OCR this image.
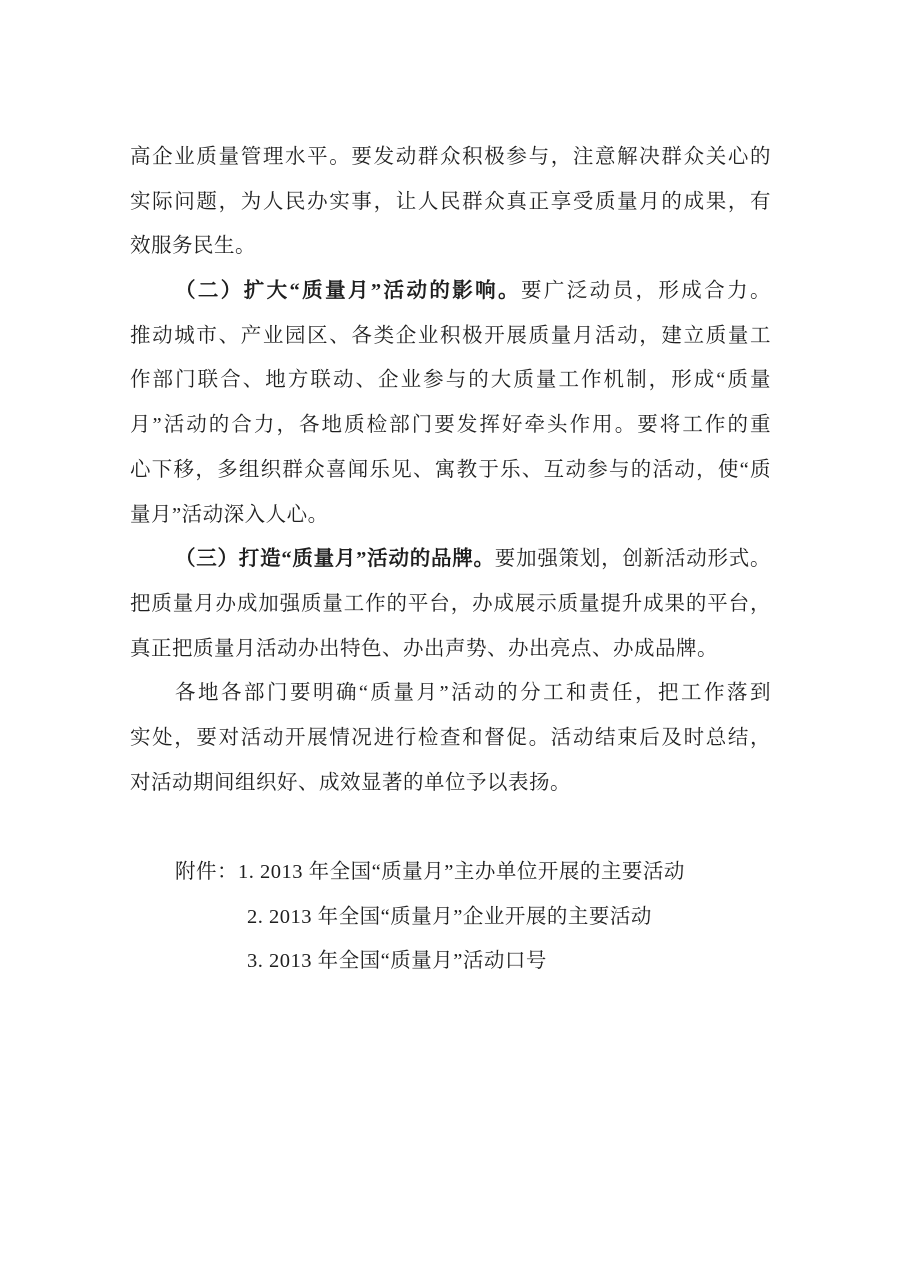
高企业质量管理水平。要发动群众积极参与，注意解决群众关心的
实际问题，为人民办实事，让人民群众真正享受质量月的成果，有
效服务民生。
（二）扩大“质量月”活动的影响。要广泛动员，形成合力。
推动城市、产业园区、各类企业积极开展质量月活动，建立质量工
作部门联合、地方联动、企业参与的大质量工作机制，形成“质量
月”活动的合力，各地质检部门要发挥好牵头作用。要将工作的重
心下移，多组织群众喜闻乐见、寓教于乐、互动参与的活动，使“质
量月”活动深入人心。
（三）打造“质量月”活动的品牌。要加强策划，创新活动形式。
把质量月办成加强质量工作的平台，办成展示质量提升成果的平台，
真正把质量月活动办出特色、办出声势、办出亮点、办成品牌。
各地各部门要明确“质量月”活动的分工和责任，把工作落到
实处，要对活动开展情况进行检查和督促。活动结束后及时总结，
对活动期间组织好、成效显著的单位予以表扬。
附件：1. 2013 年全国“质量月”主办单位开展的主要活动
2. 2013 年全国“质量月”企业开展的主要活动
3. 2013 年全国“质量月”活动口号
